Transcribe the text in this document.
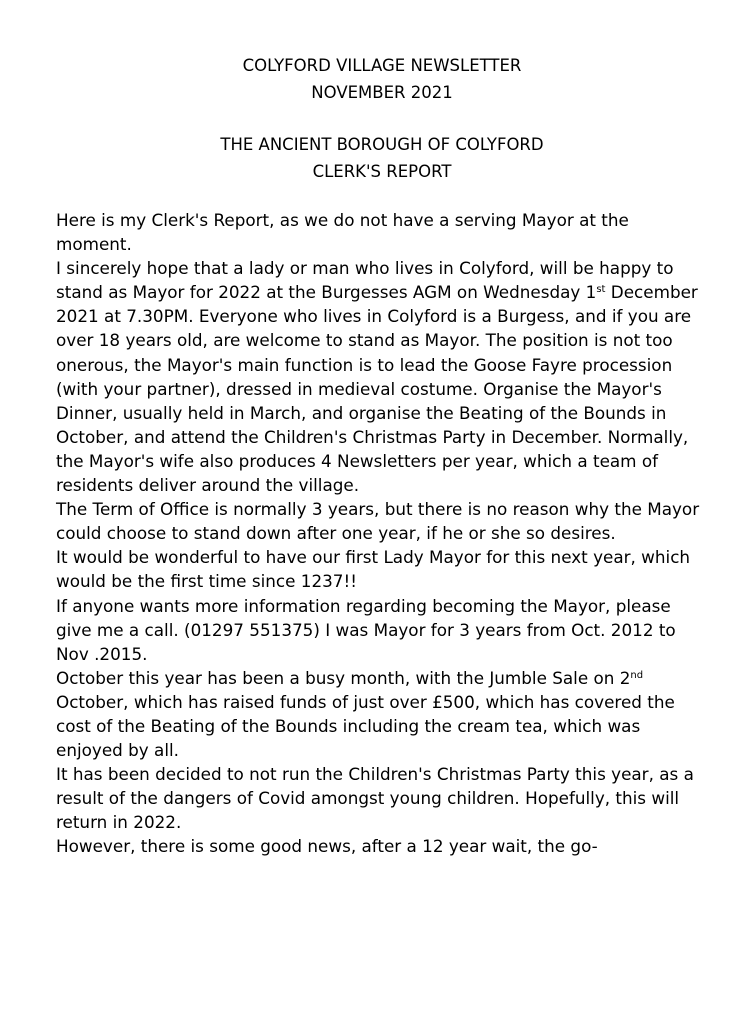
COLYFORD VILLAGE NEWSLETTER
NOVEMBER 2021
THE ANCIENT BOROUGH OF COLYFORD
CLERK'S REPORT

Here is my Clerk's Report, as we do not have a serving Mayor at the moment.

I sincerely hope that a lady or man who lives in Colyford, will be happy to stand as Mayor for 2022 at the Burgesses AGM on Wednesday 1st December 2021 at 7.30PM. Everyone who lives in Colyford is a Burgess, and if you are over 18 years old, are welcome to stand as Mayor. The position is not too onerous, the Mayor's main function is to lead the Goose Fayre procession (with your partner), dressed in medieval costume. Organise the Mayor's Dinner, usually held in March, and organise the Beating of the Bounds in October, and attend the Children's Christmas Party in December. Normally, the Mayor's wife also produces 4 Newsletters per year, which a team of residents deliver around the village.

The Term of Office is normally 3 years, but there is no reason why the Mayor could choose to stand down after one year, if he or she so desires.

It would be wonderful to have our first Lady Mayor for this next year, which would be the first time since 1237!!

If anyone wants more information regarding becoming the Mayor, please give me a call. (01297 551375) I was Mayor for 3 years from Oct. 2012 to Nov .2015.

October this year has been a busy month, with the Jumble Sale on 2nd October, which has raised funds of just over £500, which has covered the cost of the Beating of the Bounds including the cream tea, which was enjoyed by all.

It has been decided to not run the Children's Christmas Party this year, as a result of the dangers of Covid amongst young children. Hopefully, this will return in 2022.

However, there is some good news, after a 12 year wait, the go-
